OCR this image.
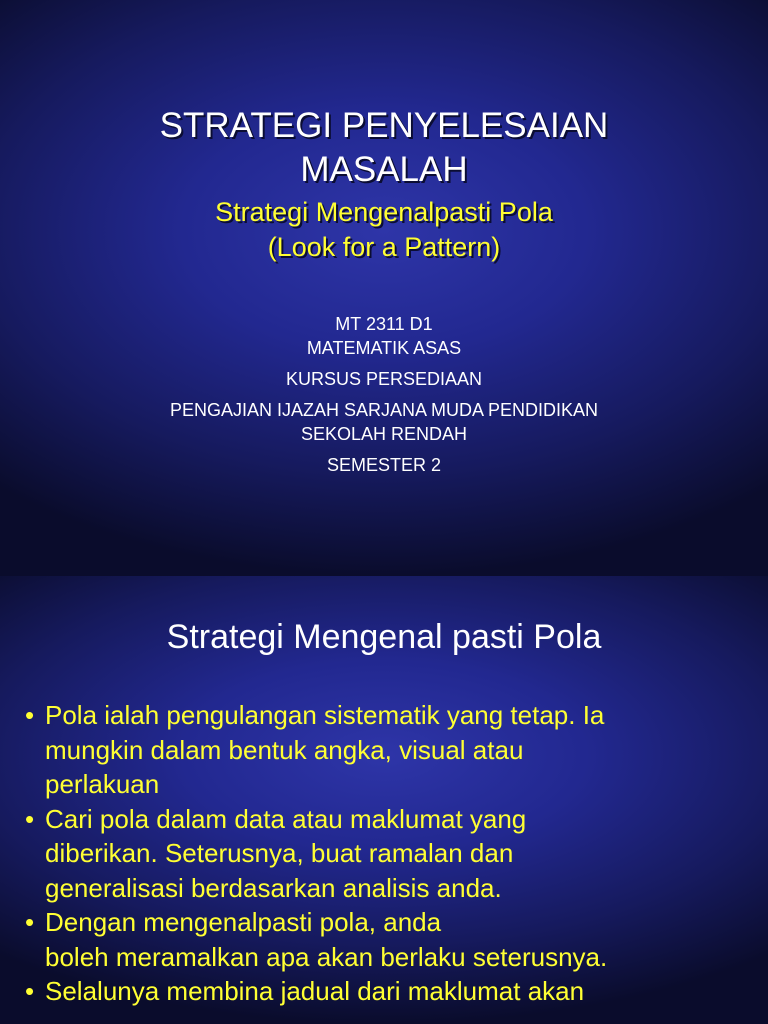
STRATEGI PENYELESAIAN
MASALAH
Strategi Mengenalpasti Pola
(Look for a Pattern)
MT 2311 D1
MATEMATIK ASAS
KURSUS PERSEDIAAN
PENGAJIAN IJAZAH SARJANA MUDA PENDIDIKAN
SEKOLAH RENDAH
SEMESTER 2
Strategi Mengenal pasti Pola
• Pola ialah pengulangan sistematik yang tetap. Ia
mungkin dalam bentuk angka, visual atau
perlakuan
• Cari pola dalam data atau maklumat yang
diberikan. Seterusnya, buat ramalan dan
generalisasi berdasarkan analisis anda.
• Dengan mengenalpasti pola, anda
boleh meramalkan apa akan berlaku seterusnya.
• Selalunya membina jadual dari maklumat akan
